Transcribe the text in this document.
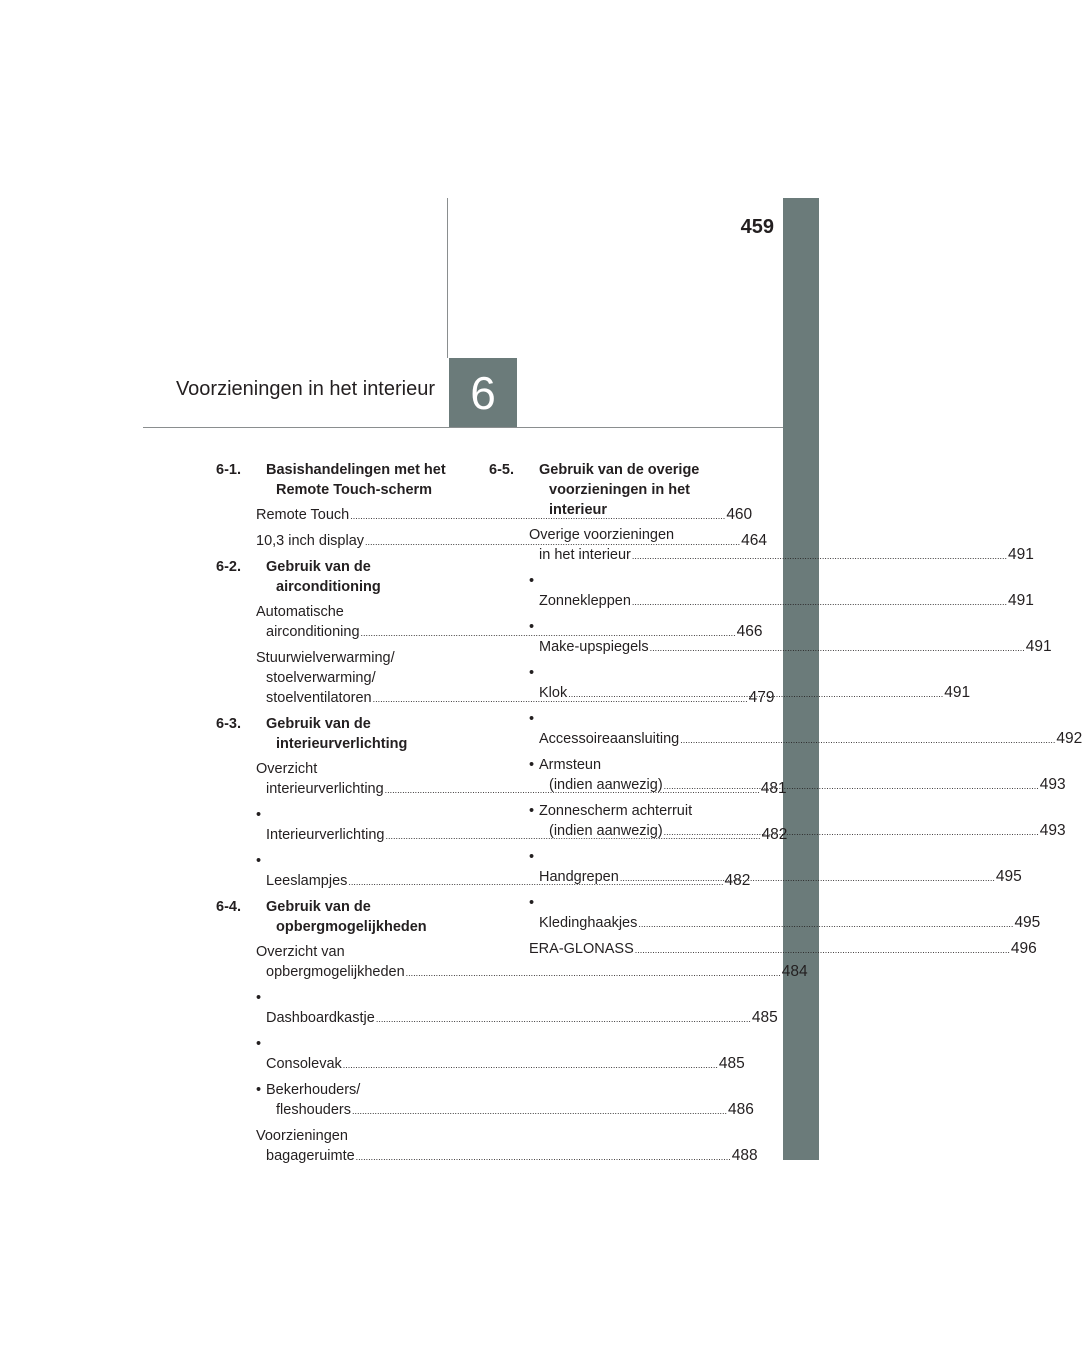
459
Voorzieningen in het interieur 6
6-1. Basishandelingen met het
Remote Touch-scherm
Remote Touch .....	460
10,3 inch display .....	464
6-2. Gebruik van de airconditioning
Automatische
airconditioning .....	466
Stuurwielverwarming/
stoelverwarming/
stoelventilatoren .....	479
6-3. Gebruik van de
interieurverlichting
Overzicht
interieurverlichting .....	481
•Interieurverlichting .....	482
•Leeslampjes .....	482
6-4. Gebruik van de
opbergmogelijkheden
Overzicht van
opbergmogelijkheden .....	484
•Dashboardkastje .....	485
•Consolevak .....	485
• Bekerhouders/
fleshouders .....	486
Voorzieningen
bagageruimte .....	488
6-5. Gebruik van de overige
voorzieningen in het interieur
Overige voorzieningen
in het interieur .....	491
•Zonnekleppen .....	491
•Make-upspiegels .....	491
•Klok .....	491
•Accessoireaansluiting .....	492
• Armsteun
(indien aanwezig) .....	493
• Zonnescherm achterruit
(indien aanwezig) .....	493
•Handgrepen .....	495
•Kledinghaakjes .....	495
ERA-GLONASS .....	496
